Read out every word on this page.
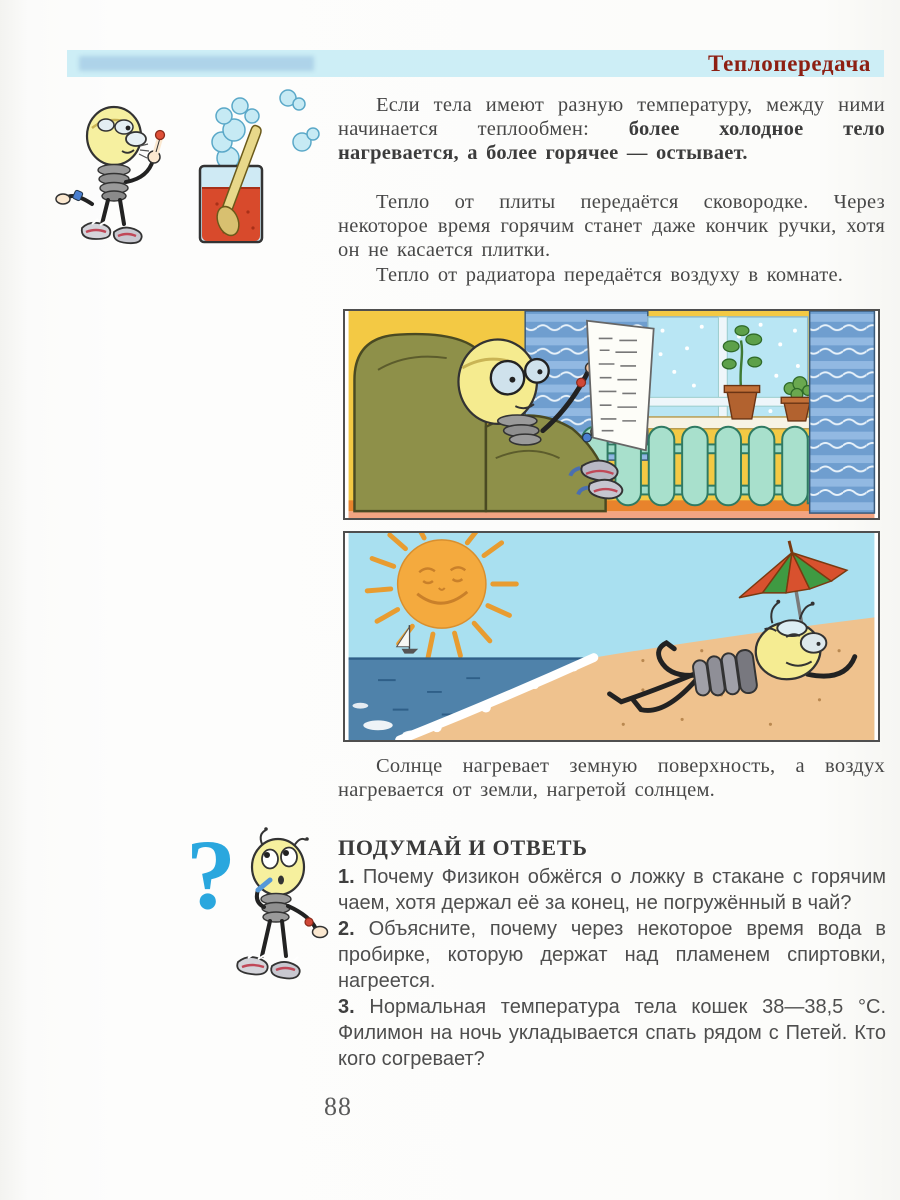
Теплопередача

Если тела имеют разную температуру, между ними начинается теплообмен: более холодное тело нагревается, а более горячее — остывает.

Тепло от плиты передаётся сковородке. Через некоторое время горячим станет даже кончик ручки, хотя он не касается плитки.

Тепло от радиатора передаётся воздуху в комнате.

Солнце нагревает земную поверхность, а воздух нагревается от земли, нагретой солнцем.

?	ПОДУМАЙ И ОТВЕТЬ

1. Почему Физикон обжёгся о ложку в стакане с горячим чаем, хотя держал её за конец, не погружённый в чай?

2. Объясните, почему через некоторое время вода в пробирке, которую держат над пламенем спиртовки, нагреется.

3. Нормальная температура тела кошек 38—38,5 °C. Филимон на ночь укладывается спать рядом с Петей. Кто кого согревает?

88
